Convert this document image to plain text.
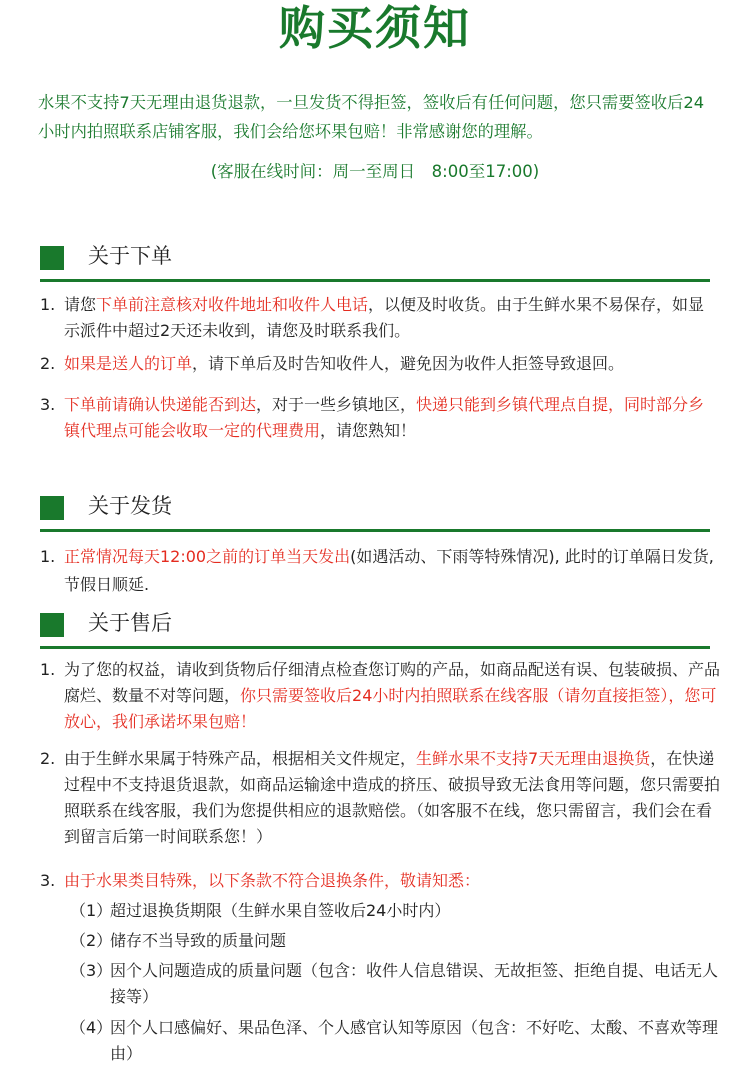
购买须知

水果不支持7天无理由退货退款，一旦发货不得拒签，签收后有任何问题，您只需要签收后24小时内拍照联系店铺客服，我们会给您坏果包赔！非常感谢您的理解。

(客服在线时间：周一至周日　8:00至17:00)
关于下单

1. 请您下单前注意核对收件地址和收件人电话，以便及时收货。由于生鲜水果不易保存，如显示派件中超过2天还未收到，请您及时联系我们。

2. 如果是送人的订单，请下单后及时告知收件人，避免因为收件人拒签导致退回。

3. 下单前请确认快递能否到达，对于一些乡镇地区，快递只能到乡镇代理点自提，同时部分乡镇代理点可能会收取一定的代理费用，请您熟知！

关于发货

1. 正常情况每天12:00之前的订单当天发出(如遇活动、下雨等特殊情况), 此时的订单隔日发货, 节假日顺延.

关于售后

1. 为了您的权益，请收到货物后仔细清点检查您订购的产品，如商品配送有误、包装破损、产品腐烂、数量不对等问题，你只需要签收后24小时内拍照联系在线客服（请勿直接拒签），您可放心，我们承诺坏果包赔！

2. 由于生鲜水果属于特殊产品，根据相关文件规定，生鲜水果不支持7天无理由退换货，在快递过程中不支持退货退款，如商品运输途中造成的挤压、破损导致无法食用等问题，您只需要拍照联系在线客服，我们为您提供相应的退款赔偿。（如客服不在线，您只需留言，我们会在看到留言后第一时间联系您！）

3. 由于水果类目特殊，以下条款不符合退换条件，敬请知悉：

（1）
超过退换货期限（生鲜水果自签收后24小时内）

（2）
储存不当导致的质量问题

（3）
因个人问题造成的质量问题（包含：收件人信息错误、无故拒签、拒绝自提、电话无人接等）

（4）
因个人口感偏好、果品色泽、个人感官认知等原因（包含：不好吃、太酸、不喜欢等理由）
